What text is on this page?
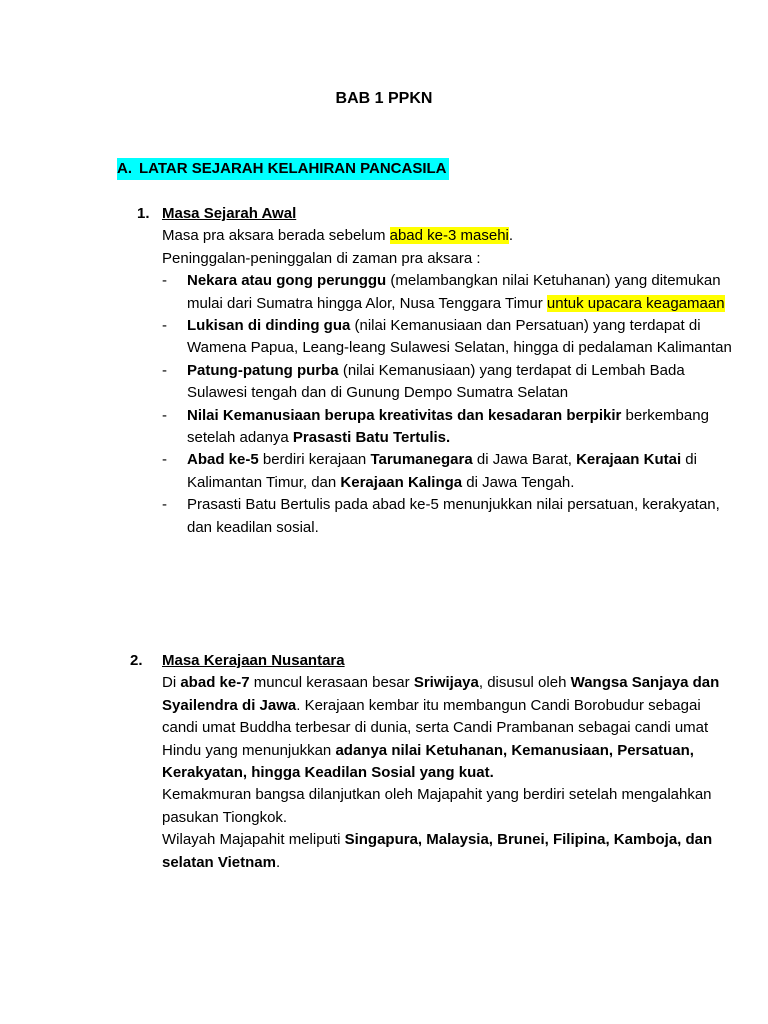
BAB 1 PPKN
A. LATAR SEJARAH KELAHIRAN PANCASILA
1. Masa Sejarah Awal

Masa pra aksara berada sebelum abad ke-3 masehi.

Peninggalan-peninggalan di zaman pra aksara :

- Nekara atau gong perunggu (melambangkan nilai Ketuhanan) yang ditemukan mulai dari Sumatra hingga Alor, Nusa Tenggara Timur untuk upacara keagamaan
- Lukisan di dinding gua (nilai Kemanusiaan dan Persatuan) yang terdapat di Wamena Papua, Leang-leang Sulawesi Selatan, hingga di pedalaman Kalimantan
- Patung-patung purba (nilai Kemanusiaan) yang terdapat di Lembah Bada Sulawesi tengah dan di Gunung Dempo Sumatra Selatan
- Nilai Kemanusiaan berupa kreativitas dan kesadaran berpikir berkembang setelah adanya Prasasti Batu Tertulis.
- Abad ke-5 berdiri kerajaan Tarumanegara di Jawa Barat, Kerajaan Kutai di Kalimantan Timur, dan Kerajaan Kalinga di Jawa Tengah.
- Prasasti Batu Bertulis pada abad ke-5 menunjukkan nilai persatuan, kerakyatan, dan keadilan sosial.
2. Masa Kerajaan Nusantara

Di abad ke-7 muncul kerasaan besar Sriwijaya, disusul oleh Wangsa Sanjaya dan Syailendra di Jawa. Kerajaan kembar itu membangun Candi Borobudur sebagai candi umat Buddha terbesar di dunia, serta Candi Prambanan sebagai candi umat Hindu yang menunjukkan adanya nilai Ketuhanan, Kemanusiaan, Persatuan, Kerakyatan, hingga Keadilan Sosial yang kuat.

Kemakmuran bangsa dilanjutkan oleh Majapahit yang berdiri setelah mengalahkan pasukan Tiongkok.

Wilayah Majapahit meliputi Singapura, Malaysia, Brunei, Filipina, Kamboja, dan selatan Vietnam.
